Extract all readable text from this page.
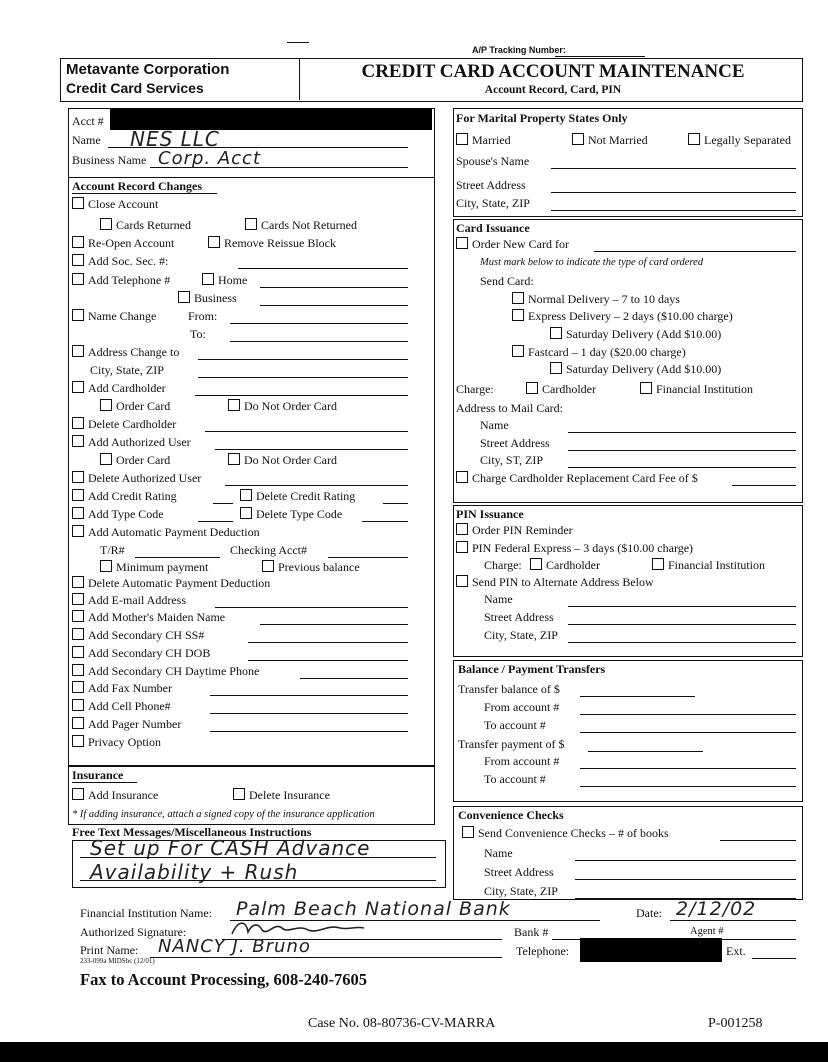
A/P Tracking Number:
Metavante Corporation
Credit Card Services
CREDIT CARD ACCOUNT MAINTENANCE
Account Record, Card, PIN
Acct #
Name NES LLC
Business Name Corp. Acct
Account Record Changes
Close Account
Cards Returned	Cards Not Returned
Re-Open Account	Remove Reissue Block
Add Soc. Sec. #:
Add Telephone #	Home
Business
Name Change	From:
To:
Address Change to
City, State, ZIP
Add Cardholder
Order Card	Do Not Order Card
Delete Cardholder
Add Authorized User
Order Card	Do Not Order Card
Delete Authorized User
Add Credit Rating	Delete Credit Rating
Add Type Code	Delete Type Code
Add Automatic Payment Deduction
T/R#	Checking Acct#
Minimum payment	Previous balance
Delete Automatic Payment Deduction
Add E-mail Address
Add Mother's Maiden Name
Add Secondary CH SS#
Add Secondary CH DOB
Add Secondary CH Daytime Phone
Add Fax Number
Add Cell Phone#
Add Pager Number
Privacy Option
Insurance
Add Insurance	Delete Insurance
* If adding insurance, attach a signed copy of the insurance application
Free Text Messages/Miscellaneous Instructions
Set up For CASH Advance
Availability + Rush
For Marital Property States Only
Married	Not Married	Legally Separated
Spouse's Name
Street Address
City, State, ZIP
Card Issuance
Order New Card for
Must mark below to indicate the type of card ordered
Send Card:
Normal Delivery – 7 to 10 days
Express Delivery – 2 days ($10.00 charge)
Saturday Delivery (Add $10.00)
Fastcard – 1 day ($20.00 charge)
Saturday Delivery (Add $10.00)
Charge:	Cardholder	Financial Institution
Address to Mail Card:
Name
Street Address
City, ST, ZIP
Charge Cardholder Replacement Card Fee of $
PIN Issuance
Order PIN Reminder
PIN Federal Express – 3 days ($10.00 charge)
Charge:	Cardholder	Financial Institution
Send PIN to Alternate Address Below
Name
Street Address
City, State, ZIP
Balance / Payment Transfers
Transfer balance of $
From account #
To account #
Transfer payment of $
From account #
To account #
Convenience Checks
Send Convenience Checks – # of books
Name
Street Address
City, State, ZIP
Financial Institution Name: Palm Beach National Bank	Date: 2/12/02
Authorized Signature:	Bank #	Agent #
Print Name: NANCY J. Bruno	Telephone:	Ext.
233-099a MIDSbc (12/01)
Fax to Account Processing, 608-240-7605
Case No. 08-80736-CV-MARRA	P-001258
